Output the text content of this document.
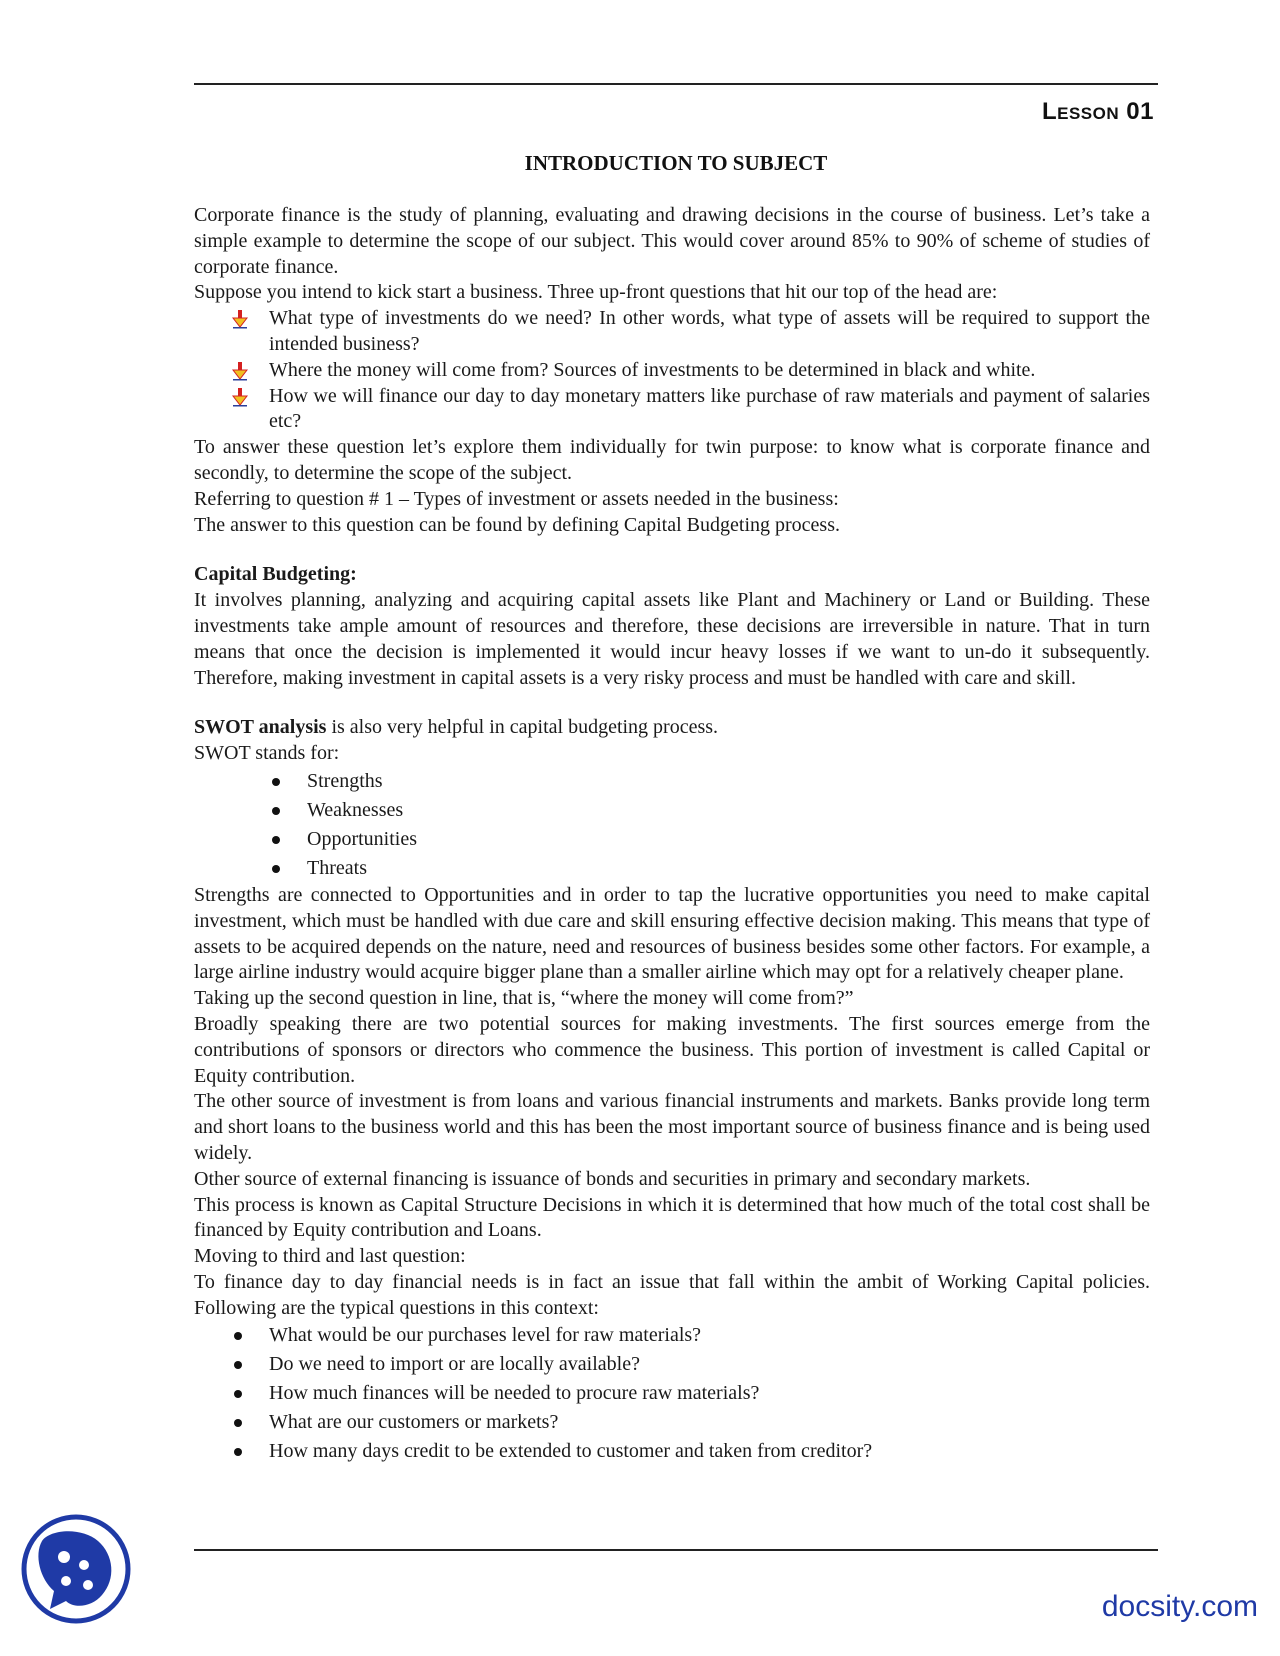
Lesson 01
INTRODUCTION TO SUBJECT

Corporate finance is the study of planning, evaluating and drawing decisions in the course of business. Let’s take a simple example to determine the scope of our subject. This would cover around 85% to 90% of scheme of studies of corporate finance.

Suppose you intend to kick start a business. Three up-front questions that hit our top of the head are:

What type of investments do we need? In other words, what type of assets will be required to support the intended business?
Where the money will come from? Sources of investments to be determined in black and white.
How we will finance our day to day monetary matters like purchase of raw materials and payment of salaries etc?

To answer these question let’s explore them individually for twin purpose: to know what is corporate finance and secondly, to determine the scope of the subject.

Referring to question # 1 – Types of investment or assets needed in the business:

The answer to this question can be found by defining Capital Budgeting process.

Capital Budgeting:

It involves planning, analyzing and acquiring capital assets like Plant and Machinery or Land or Building. These investments take ample amount of resources and therefore, these decisions are irreversible in nature. That in turn means that once the decision is implemented it would incur heavy losses if we want to un-do it subsequently. Therefore, making investment in capital assets is a very risky process and must be handled with care and skill.

SWOT analysis is also very helpful in capital budgeting process.

SWOT stands for:

Strengths
Weaknesses
Opportunities
Threats

Strengths are connected to Opportunities and in order to tap the lucrative opportunities you need to make capital investment, which must be handled with due care and skill ensuring effective decision making. This means that type of assets to be acquired depends on the nature, need and resources of business besides some other factors. For example, a large airline industry would acquire bigger plane than a smaller airline which may opt for a relatively cheaper plane.

Taking up the second question in line, that is, “where the money will come from?”

Broadly speaking there are two potential sources for making investments. The first sources emerge from the contributions of sponsors or directors who commence the business. This portion of investment is called Capital or Equity contribution.

The other source of investment is from loans and various financial instruments and markets. Banks provide long term and short loans to the business world and this has been the most important source of business finance and is being used widely.

Other source of external financing is issuance of bonds and securities in primary and secondary markets.

This process is known as Capital Structure Decisions in which it is determined that how much of the total cost shall be financed by Equity contribution and Loans.

Moving to third and last question:

To finance day to day financial needs is in fact an issue that fall within the ambit of Working Capital policies. Following are the typical questions in this context:

What would be our purchases level for raw materials?
Do we need to import or are locally available?
How much finances will be needed to procure raw materials?
What are our customers or markets?
How many days credit to be extended to customer and taken from creditor?
docsity.com
